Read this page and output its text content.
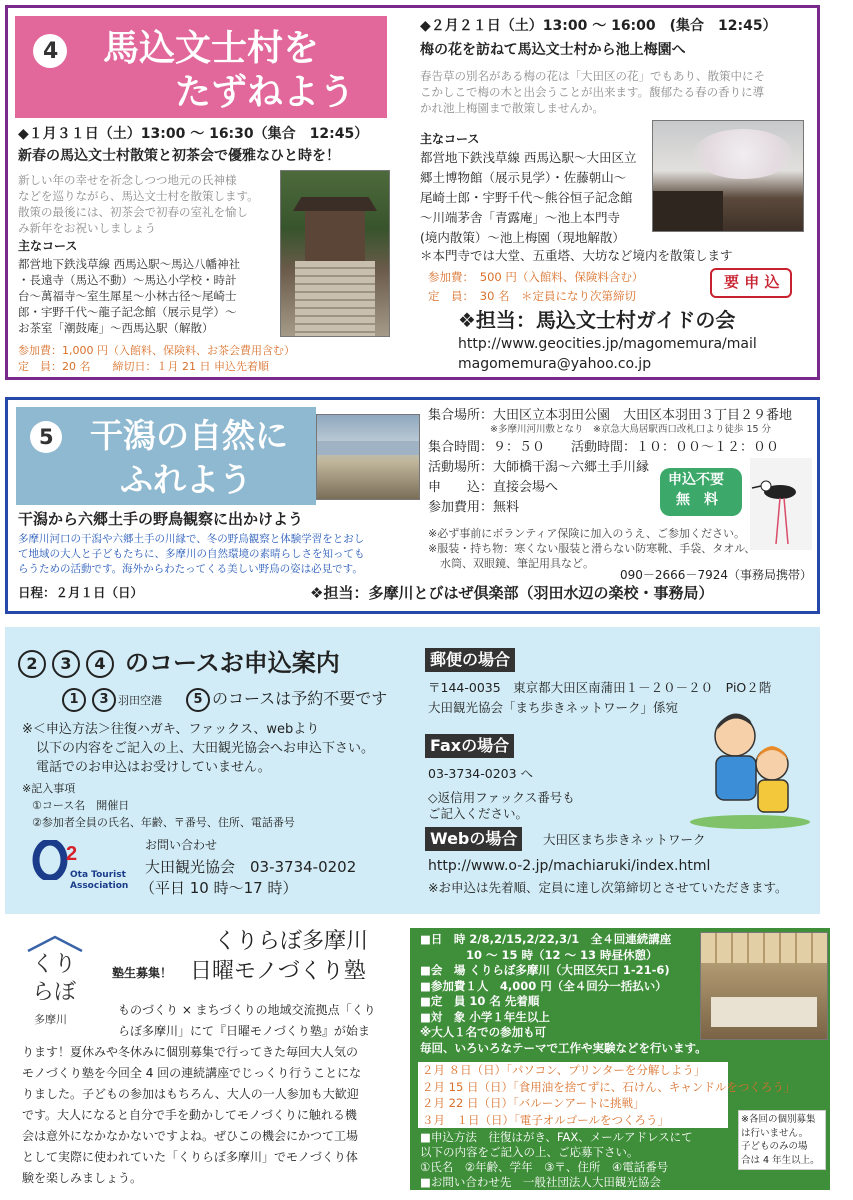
4 馬込文士村を
たずねよう
◆１月３１日（土）13:00 ～ 16:30（集合　12:45）
新春の馬込文士村散策と初茶会で優雅なひと時を！
新しい年の幸せを祈念しつつ地元の氏神様
などを巡りながら、馬込文士村を散策します。
散策の最後には、初茶会で初春の室礼を愉し
み新年をお祝いしましょう
主なコース
都営地下鉄浅草線 西馬込駅～馬込八幡神社
・長遠寺（馬込不動）～馬込小学校・時計
台～萬福寺～室生犀星～小林古径～尾崎士
郎・宇野千代～龍子記念館（展示見学）～
お茶室「潮鼓庵」～西馬込駅（解散）
参加費：1,000 円（入館料、保険料、お茶会費用含む）
定　員：20 名　　締切日：１月 21 日 申込先着順
◆２月２１日（土）13:00 ～ 16:00　(集合　12:45）
梅の花を訪ねて馬込文士村から池上梅園へ
春告草の別名がある梅の花は「大田区の花」でもあり、散策中にそ
こかしこで梅の木と出会うことが出来ます。馥郁たる春の香りに導
かれ池上梅園まで散策しませんか。
主なコース
都営地下鉄浅草線 西馬込駅～大田区立
郷土博物館（展示見学）・佐藤朝山～
尾崎士郎・宇野千代～熊谷恒子記念館
～川端茅舎「青露庵」～池上本門寺
(境内散策）～池上梅園（現地解散）
＊本門寺では大堂、五重塔、大坊など境内を散策します
参加費：　500 円（入館料、保険料含む）
定　員：　30 名　＊定員になり次第締切
要 申 込
❖担当：馬込文士村ガイドの会
http://www.geocities.jp/magomemura/mail
magomemura@yahoo.co.jp
5 干潟の自然に
ふれよう
集合場所：大田区立本羽田公園　大田区本羽田３丁目２９番地
※多摩川河川敷となり　※京急大鳥居駅西口改札口より徒歩 15 分
集合時間：９：５０　　活動時間：１０：００～１２：００
活動場所：大師橋干潟～六郷土手川縁
申　　込：直接会場へ
参加費用：無料
申込不要
無　料
干潟から六郷土手の野鳥観察に出かけよう
多摩川河口の干潟や六郷土手の川縁で、冬の野鳥観察と体験学習をとおし
て地域の大人と子どもたちに、多摩川の自然環境の素晴らしさを知っても
らうための活動です。海外からわたってくる美しい野鳥の姿は必見です。
※必ず事前にボランティア保険に加入のうえ、ご参加ください。
※服装・持ち物：寒くない服装と滑らない防寒靴、手袋、タオル、
水筒、双眼鏡、筆記用具など。
090－2666－7924（事務局携帯）
日程：２月１日（日）	❖担当：多摩川とびはぜ倶楽部（羽田水辺の楽校・事務局）
2	3	4 のコースお申込案内
1	3 羽田空港	5 のコースは予約不要です
※＜申込方法＞往復ハガキ、ファックス、webより
以下の内容をご記入の上、大田観光協会へお申込下さい。
電話でのお申込はお受けしていません。
※記入事項
①コース名　開催日
②参加者全員の氏名、年齢、〒番号、住所、電話番号
2
Ota Tourist
Association
お問い合わせ
大田観光協会　03-3734-0202
（平日 10 時～17 時）
郵便の場合
〒144-0035　東京都大田区南蒲田１－２０－２０　PiO２階
大田観光協会「まち歩きネットワーク」係宛
Faxの場合
03-3734-0203 へ
◇返信用ファックス番号も
ご記入ください。
Webの場合	大田区まち歩きネットワーク
http://www.o-2.jp/machiaruki/index.html
※お申込は先着順、定員に達し次第締切とさせていただきます。
くり
らぼ
多摩川
くりらぼ多摩川
塾生募集！ 日曜モノづくり塾
ものづくり × まちづくりの地域交流拠点「くり
らぼ多摩川」にて『日曜モノづくり塾』が始ま
ります！夏休みや冬休みに個別募集で行ってきた毎回大人気の
モノづくり塾を今回全 4 回の連続講座でじっくり行うことにな
りました。子どもの参加はもちろん、大人の一人参加も大歓迎
です。大人になると自分で手を動かしてモノづくりに触れる機
会は意外になかなかないですよね。ぜひこの機会にかつて工場
として実際に使われていた「くりらぼ多摩川」でモノづくり体
験を楽しみましょう。
■日　時 2/8,2/15,2/22,3/1　全４回連続講座
　　　　10 ～ 15 時（12 ～ 13 時昼休憩）
■会　場 くりらぼ多摩川（大田区矢口 1-21-6)
■参加費１人　4,000 円（全４回分一括払い）
■定　員 10 名 先着順
■対　象 小学１年生以上
※大人１名での参加も可
毎回、いろいろなテーマで工作や実験などを行います。
２月 ８日（日）「パソコン、プリンターを分解しよう」
２月 15 日（日）「食用油を捨てずに、石けん、キャンドルをつくろう」
２月 22 日（日）「バルーンアートに挑戦」
３月　１日（日）「電子オルゴールをつくろう」	※各回の個別募集
は行いません。
子どものみの場
合は 4 年生以上。
■申込方法　往復はがき、FAX、メールアドレスにて
以下の内容をご記入の上、ご応募下さい。
①氏名　②年齢、学年　③〒、住所　④電話番号
■お問い合わせ先　一般社団法人大田観光協会
